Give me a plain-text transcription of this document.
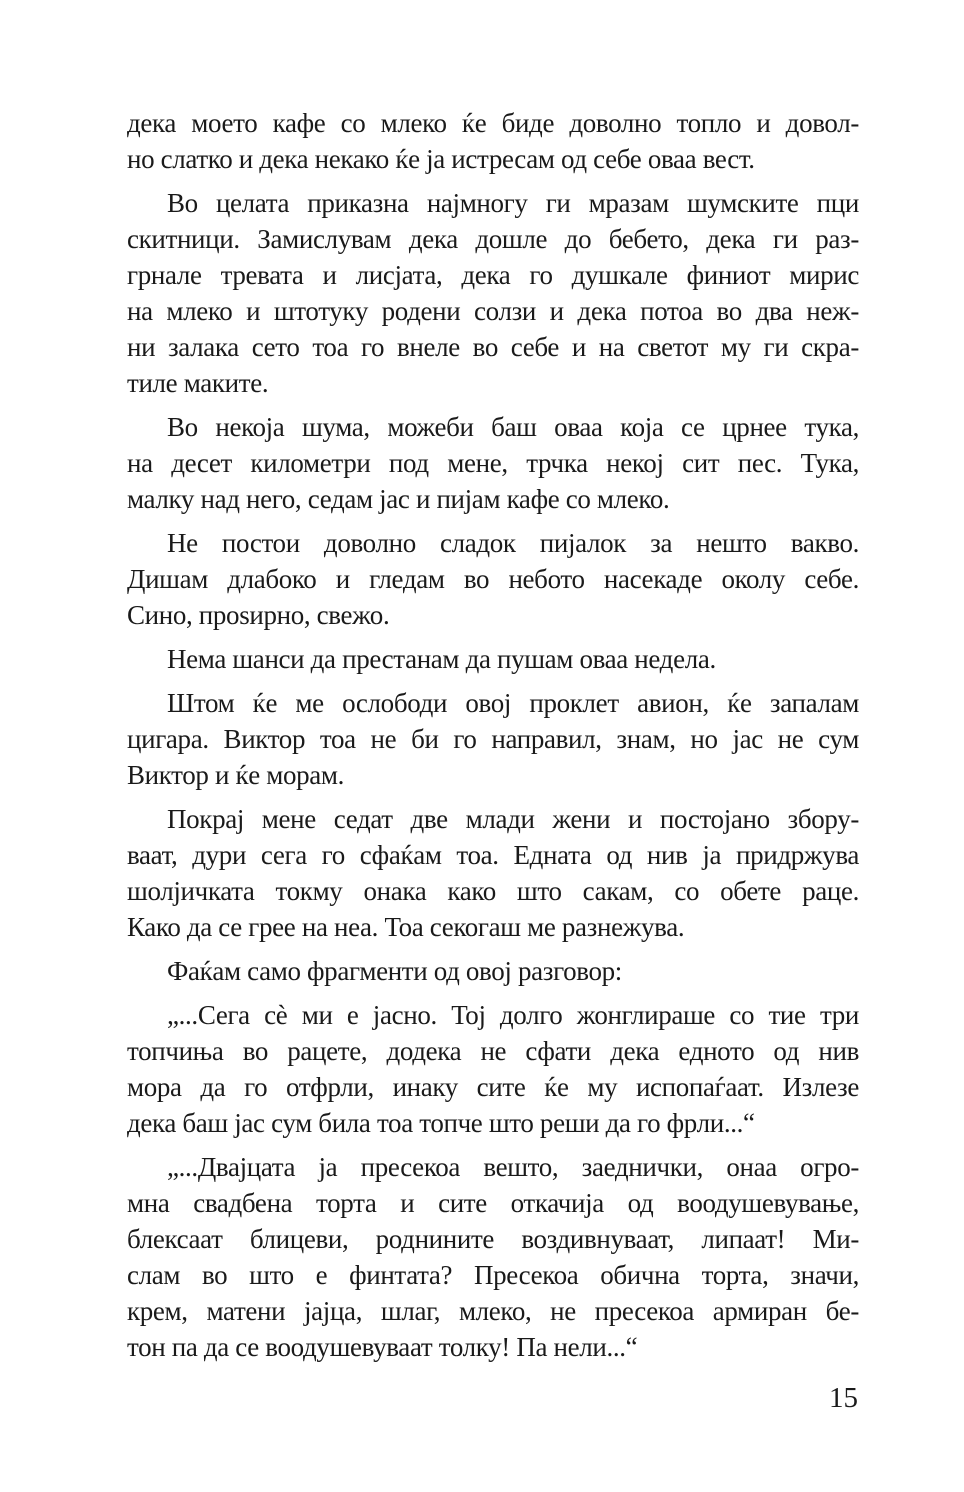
дека моето кафе со млеко ќе биде доволно топло и довол-
но слатко и дека некако ќе ја истресам од себе оваа вест.
Во целата приказна најмногу ги мразам шумските пци
скитници. Замислувам дека дошле до бебето, дека ги раз-
грнале тревата и лисјата, дека го душкале финиот мирис
на млеко и штотуку родени солзи и дека потоа во два неж-
ни залака сето тоа го внеле во себе и на светот му ги скра-
тиле макитe.
Во некоја шума, можеби баш оваа која се црнее тука,
на десет километри под мене, трчка некој сит пес. Тука,
малку над него, седам јас и пијам кафе со млеко.
Не постои доволно сладок пијалок за нешто вакво.
Дишам длабоко и гледам во небото насекаде околу себе.
Сино, проѕирно, свежо.
Нема шанси да престанам да пушам оваа недела.
Штом ќе ме ослободи овој проклет авион, ќе запалам
цигара. Виктор тоа не би го направил, знам, но јас не сум
Виктор и ќе морам.
Покрај мене седат две млади жени и постојано збору-
ваат, дури сега го сфаќам тоа. Едната од нив ја придржува
шолјичката токму онака како што сакам, со обете раце.
Како да се грее на неа. Тоа секогаш ме разнежува.
Фаќам само фрагменти од овој разговор:
„...Сега сè ми е јасно. Тој долго жонглираше со тие три
топчиња во рацете, додека не сфати дека едното од нив
мора да го отфрли, инаку сите ќе му испопаѓаат. Излезе
дека баш јас сум била тоа топче што реши да го фрли...“
„...Двајцата ја пресекоа вешто, заеднички, онаа огро-
мна свадбена торта и сите откачија од воодушевување,
блексаат блицеви, роднините воздивнуваат, липаат! Ми-
слам во што е финтата? Пресекоа обична торта, значи,
крем, матени јајца, шлаг, млеко, не пресекоа армиран бе-
тон па да се воодушевуваат толку! Па нели...“
15
